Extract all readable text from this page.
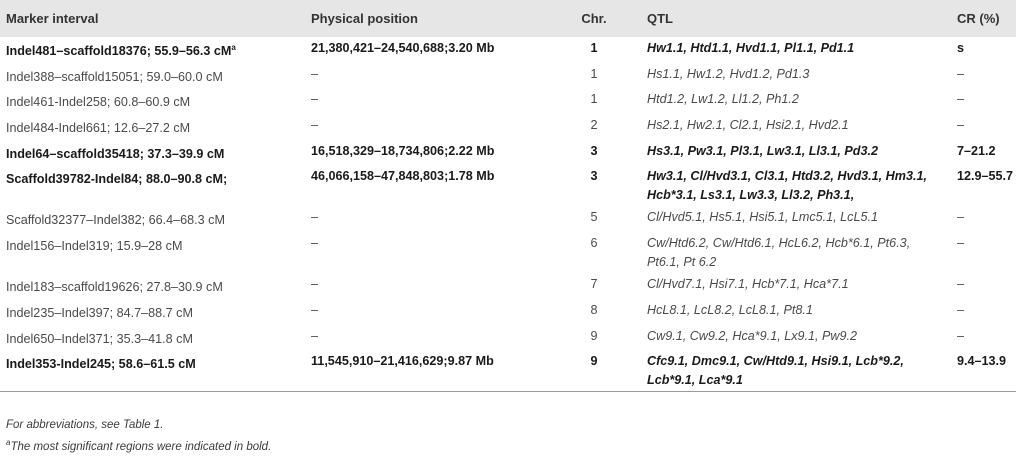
Marker interval	Physical position	Chr.	QTL	CR (%)
Indel481–scaffold18376; 55.9–56.3 $cM^a$	21,380,421–24,540,688;3.20 Mb	1	Hw1.1, Htd1.1, Hvd1.1, Pl1.1, Pd1.1	s
Indel388–scaffold15051; 59.0–60.0 cM	–	1	Hs1.1, Hw1.2, Hvd1.2, Pd1.3	–
Indel461-Indel258; 60.8–60.9 cM	–	1	Htd1.2, Lw1.2, Ll1.2, Ph1.2	–
Indel484-Indel661; 12.6–27.2 cM	–	2	Hs2.1, Hw2.1, Cl2.1, Hsi2.1, Hvd2.1	–
Indel64–scaffold35418; 37.3–39.9 cM	16,518,329–18,734,806;2.22 Mb	3	Hs3.1, Pw3.1, Pl3.1, Lw3.1, Ll3.1, Pd3.2	7–21.2
Scaffold39782-Indel84; 88.0–90.8 cM;	46,066,158–47,848,803;1.78 Mb	3	Hw3.1, Cl/Hvd3.1, Cl3.1, Htd3.2, Hvd3.1, Hm3.1, Hcb*3.1, Ls3.1, Lw3.3, Ll3.2, Ph3.1,	12.9–55.7
Scaffold32377–Indel382; 66.4–68.3 cM	–	5	Cl/Hvd5.1, Hs5.1, Hsi5.1, Lmc5.1, LcL5.1	–
Indel156–Indel319; 15.9–28 cM	–	6	Cw/Htd6.2, Cw/Htd6.1, HcL6.2, Hcb*6.1, Pt6.3, Pt6.1, Pt 6.2	–
Indel183–scaffold19626; 27.8–30.9 cM	–	7	Cl/Hvd7.1, Hsi7.1, Hcb*7.1, Hca*7.1	–
Indel235–Indel397; 84.7–88.7 cM	–	8	HcL8.1, LcL8.2, LcL8.1, Pt8.1	–
Indel650–Indel371; 35.3–41.8 cM	–	9	Cw9.1, Cw9.2, Hca*9.1, Lx9.1, Pw9.2	–
Indel353-Indel245; 58.6–61.5 cM	11,545,910–21,416,629;9.87 Mb	9	Cfc9.1, Dmc9.1, Cw/Htd9.1, Hsi9.1, Lcb*9.2, Lcb*9.1, Lca*9.1	9.4–13.9
For abbreviations, see Table 1.
$^a$The most significant regions were indicated in bold.
